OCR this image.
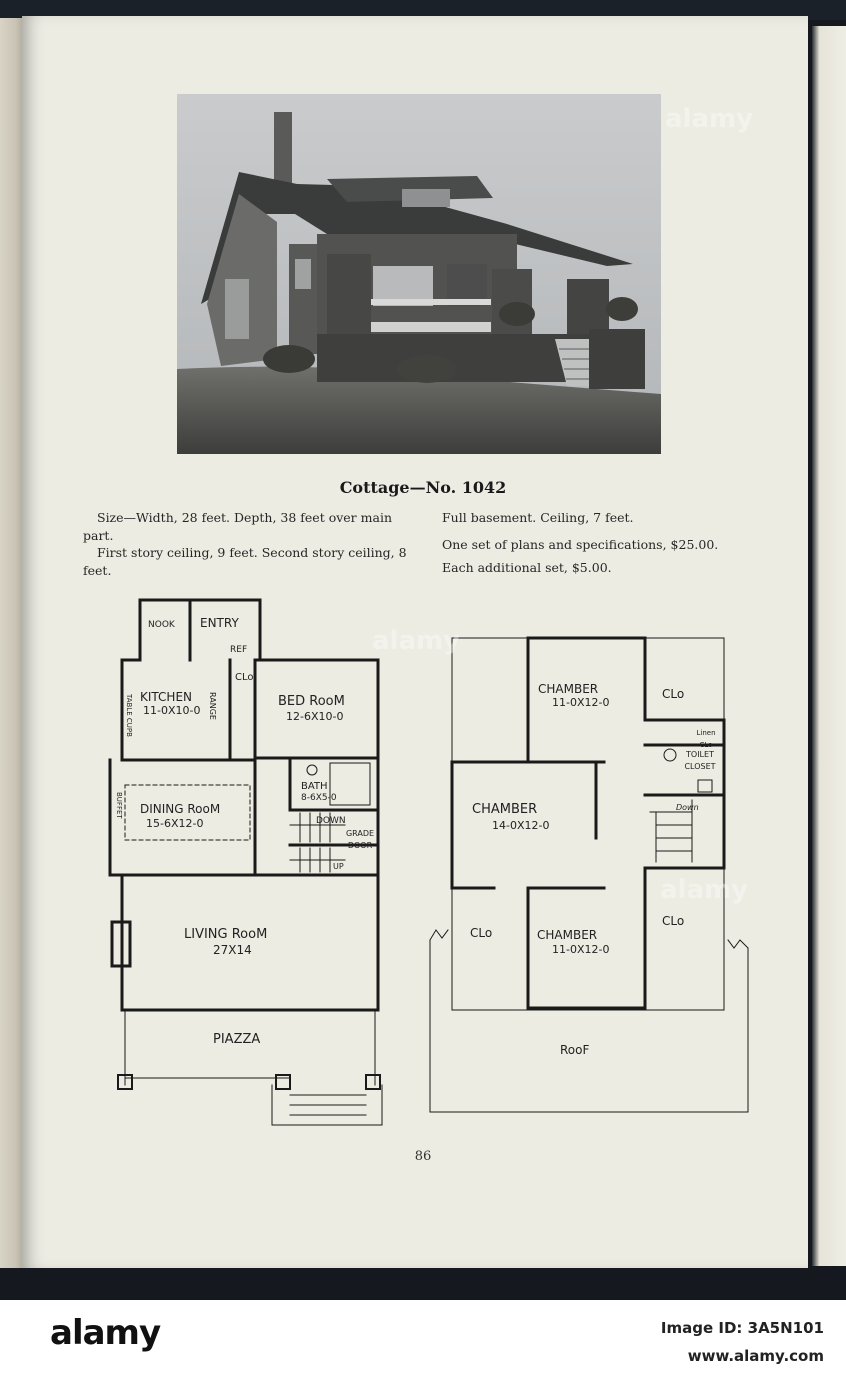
Cottage—No. 1042

Size—Width, 28 feet. Depth, 38 feet over main part.

First story ceiling, 9 feet. Second story ceiling, 8 feet.

Full basement. Ceiling, 7 feet.

One set of plans and specifications, $25.00.

Each additional set, $5.00.

NOOK ENTRY
REF
KITCHEN
11-0X10-0 RANGE
TABLE CUPB
CLo
BED RooM
12-6X10-0
BATH
8-6X5-0
DINING RooM
15-6X12-0
BUFFET
DOWN
GRADE DOOR
UP
LIVING RooM
27X14
PIAZZA
CHAMBER
11-0X12-0
CLo
Linen CLo
TOILET CLOSET
CHAMBER
14-0X12-0
Down
CLo	CHAMBER
11-0X12-0
CLo
RooF
86
alamy
alamy
alamy
alamy	Image ID: 3A5N101
www.alamy.com
